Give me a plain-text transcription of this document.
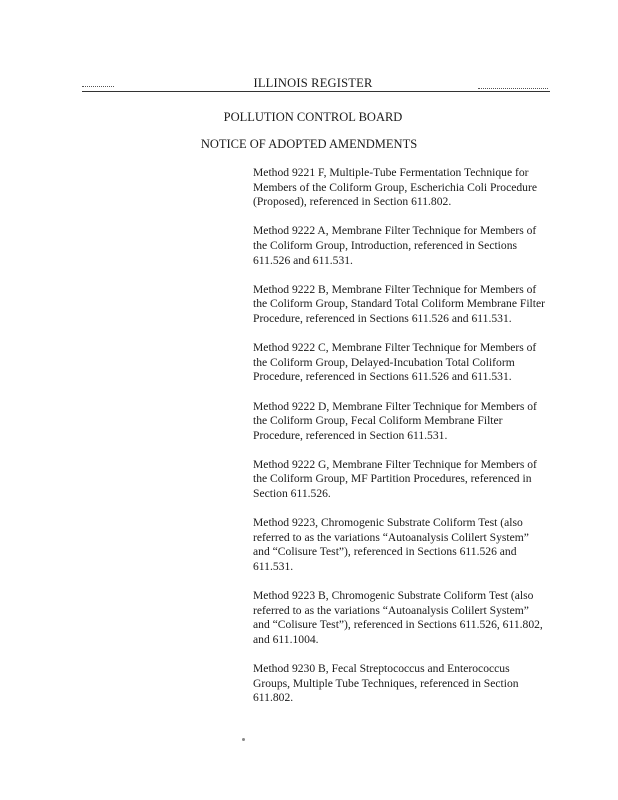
ILLINOIS REGISTER
POLLUTION CONTROL BOARD
NOTICE OF ADOPTED AMENDMENTS

Method 9221 F, Multiple-Tube Fermentation Technique for Members of the Coliform Group, Escherichia Coli Procedure (Proposed), referenced in Section 611.802.

Method 9222 A, Membrane Filter Technique for Members of the Coliform Group, Introduction, referenced in Sections 611.526 and 611.531.

Method 9222 B, Membrane Filter Technique for Members of the Coliform Group, Standard Total Coliform Membrane Filter Procedure, referenced in Sections 611.526 and 611.531.

Method 9222 C, Membrane Filter Technique for Members of the Coliform Group, Delayed-Incubation Total Coliform Procedure, referenced in Sections 611.526 and 611.531.

Method 9222 D, Membrane Filter Technique for Members of the Coliform Group, Fecal Coliform Membrane Filter Procedure, referenced in Section 611.531.

Method 9222 G, Membrane Filter Technique for Members of the Coliform Group, MF Partition Procedures, referenced in Section 611.526.

Method 9223, Chromogenic Substrate Coliform Test (also referred to as the variations “Autoanalysis Colilert System” and “Colisure Test”), referenced in Sections 611.526 and 611.531.

Method 9223 B, Chromogenic Substrate Coliform Test (also referred to as the variations “Autoanalysis Colilert System” and “Colisure Test”), referenced in Sections 611.526, 611.802, and 611.1004.

Method 9230 B, Fecal Streptococcus and Enterococcus Groups, Multiple Tube Techniques, referenced in Section 611.802.
